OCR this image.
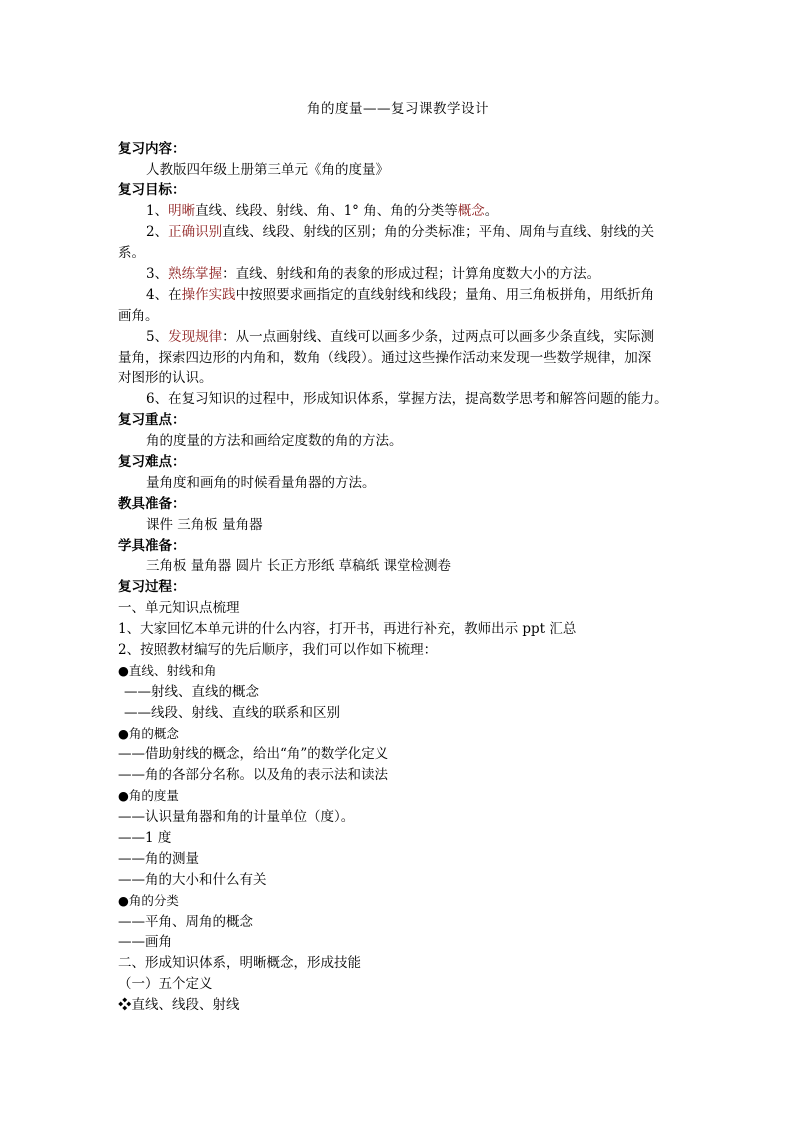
角的度量——复习课教学设计
复习内容：
人教版四年级上册第三单元《角的度量》
复习目标：
1、明晰直线、线段、射线、角、1° 角、角的分类等概念。
2、正确识别直线、线段、射线的区别；角的分类标准；平角、周角与直线、射线的关
系。
3、熟练掌握：直线、射线和角的表象的形成过程；计算角度数大小的方法。
4、在操作实践中按照要求画指定的直线射线和线段；量角、用三角板拼角，用纸折角
画角。
5、发现规律：从一点画射线、直线可以画多少条，过两点可以画多少条直线，实际测
量角，探索四边形的内角和，数角（线段）。通过这些操作活动来发现一些数学规律，加深
对图形的认识。
6、在复习知识的过程中，形成知识体系，掌握方法，提高数学思考和解答问题的能力。
复习重点：
角的度量的方法和画给定度数的角的方法。
复习难点：
量角度和画角的时候看量角器的方法。
教具准备：
课件 三角板 量角器
学具准备：
三角板 量角器 圆片 长正方形纸 草稿纸 课堂检测卷
复习过程：
一、单元知识点梳理
1、大家回忆本单元讲的什么内容，打开书，再进行补充，教师出示 ppt 汇总
2、按照教材编写的先后顺序，我们可以作如下梳理：
●直线、射线和角
——射线、直线的概念
——线段、射线、直线的联系和区别
●角的概念
——借助射线的概念，给出“角”的数学化定义
——角的各部分名称。以及角的表示法和读法
●角的度量
——认识量角器和角的计量单位（度）。
——1 度
——角的测量
——角的大小和什么有关
●角的分类
——平角、周角的概念
——画角
二、形成知识体系，明晰概念，形成技能
（一）五个定义
❖直线、线段、射线
